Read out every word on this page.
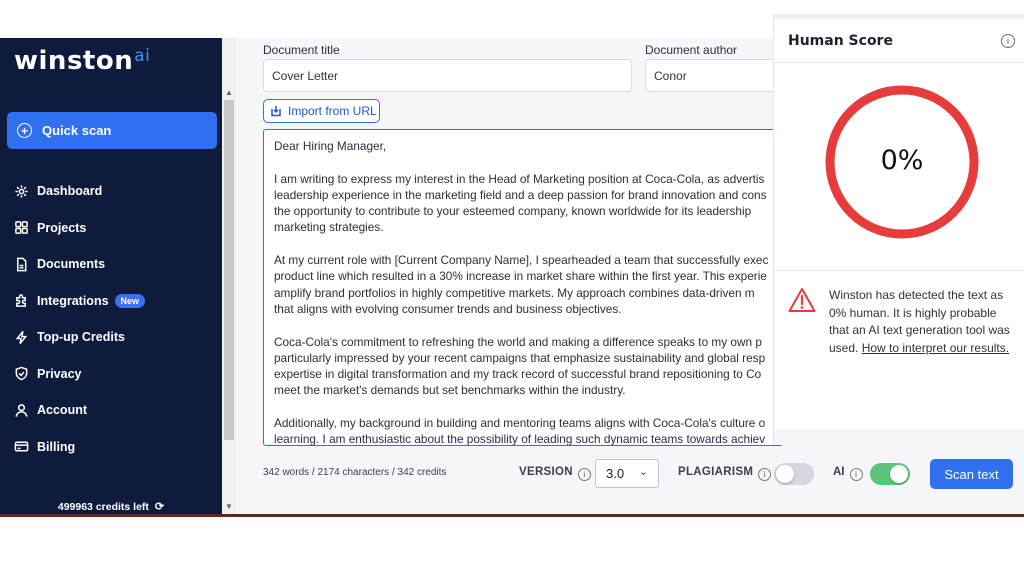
winston$^{ai}$
+	Quick scan
Dashboard
Projects
Documents
Integrations	New
Top-up Credits
Privacy
Account
Billing
499963 credits left ⟳
▲
▼
Document title
Cover Letter
Document author
Conor
Import from URL

Dear Hiring Manager,

I am writing to express my interest in the Head of Marketing position at Coca-Cola, as advertis
leadership experience in the marketing field and a deep passion for brand innovation and cons
the opportunity to contribute to your esteemed company, known worldwide for its leadership
marketing strategies.

At my current role with [Current Company Name], I spearheaded a team that successfully exec
product line which resulted in a 30% increase in market share within the first year. This experie
amplify brand portfolios in highly competitive markets. My approach combines data-driven m
that aligns with evolving consumer trends and business objectives.

Coca-Cola's commitment to refreshing the world and making a difference speaks to my own p
particularly impressed by your recent campaigns that emphasize sustainability and global resp
expertise in digital transformation and my track record of successful brand repositioning to Co
meet the market's demands but set benchmarks within the industry.

Additionally, my background in building and mentoring teams aligns with Coca-Cola's culture o
learning. I am enthusiastic about the possibility of leading such dynamic teams towards achiev

342 words / 2174 characters / 342 credits	VERSION i	3.0 ⌄	PLAGIARISM i	AI i	Scan text
Human Score	i
0%
Winston has detected the text as 0% human. It is highly probable that an AI text generation tool was used. How to interpret our results.
